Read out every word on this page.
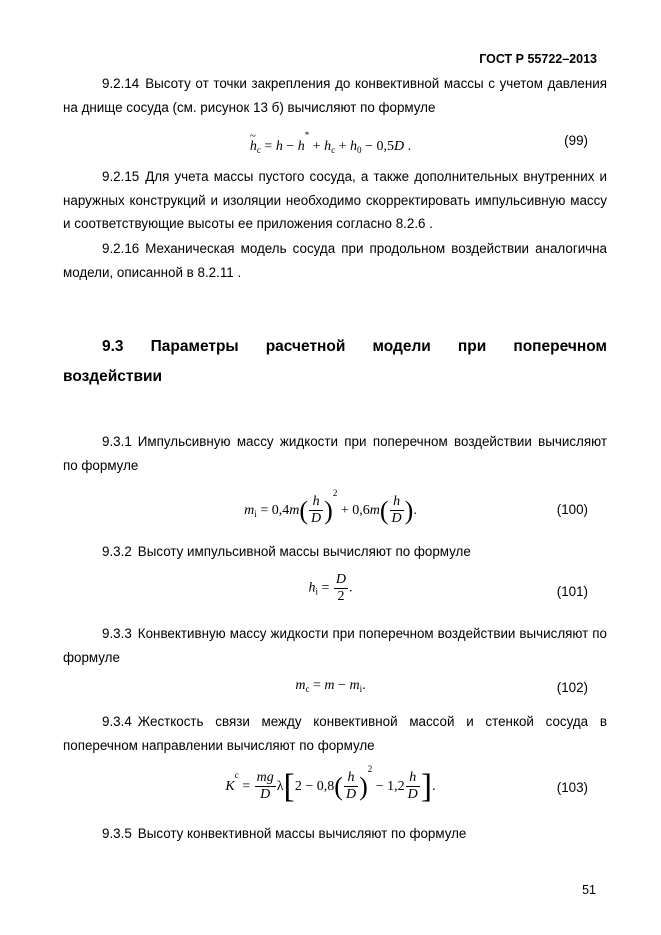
ГОСТ Р 55722–2013
9.2.14 Высоту от точки закрепления до конвективной массы с учетом давления на днище сосуда (см. рисунок 13 б) вычисляют по формуле
h
~
$_c = h - h^* + h_c + h_0 - 0,5D$ .	(99)
9.2.15 Для учета массы пустого сосуда, а также дополнительных внутренних и наружных конструкций и изоляции необходимо скорректировать импульсивную массу и соответствующие высоты ее приложения согласно 8.2.6 .
9.2.16 Механическая модель сосуда при продольном воздействии аналогична модели, описанной в 8.2.11 .
9.3 Параметры расчетной модели при поперечном
воздействии
9.3.1 Импульсивную массу жидкости при поперечном воздействии вычисляют по формуле
$m_i = 0,4m( \frac{h}{D} )^2 + 0,6m( \frac{h}{D}$ ).	(100)
9.3.2 Высоту импульсивной массы вычисляют по формуле
$h_i = \frac{D}{2}$ .	(101)
9.3.3 Конвективную массу жидкости при поперечном воздействии вычисляют по формуле
$m_c = m - m_i$.	(102)
9.3.4 Жесткость связи между конвективной массой и стенкой сосуда в поперечном направлении вычисляют по формуле
$K^c = \frac{mg}{D} \lambda[2 - 0,8( \frac{h}{D} )^2 - 1,2 \frac{h}{D}$ ].	(103)
9.3.5 Высоту конвективной массы вычисляют по формуле
51
